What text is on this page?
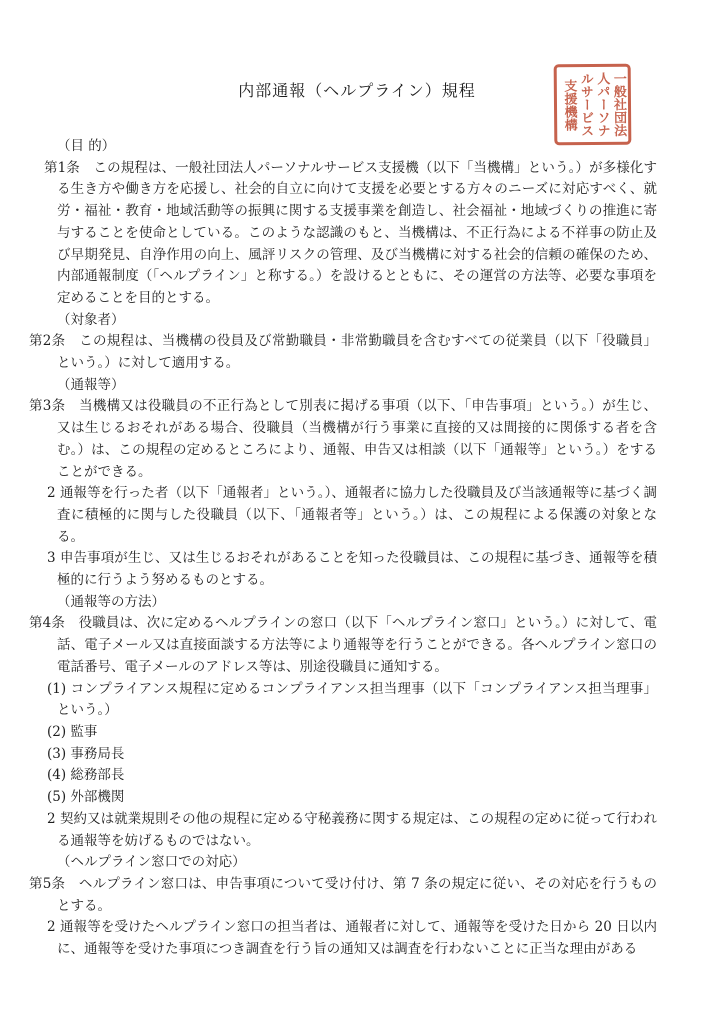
内部通報（ヘルプライン）規程	一般社団法人パーソナルサービス支援機構

（目 的）

第1条　この規程は、一般社団法人パーソナルサービス支援機（以下「当機構」という。）が多様化する生き方や働き方を応援し、社会的自立に向けて支援を必要とする方々のニーズに対応すべく、就労・福祉・教育・地域活動等の振興に関する支援事業を創造し、社会福祉・地域づくりの推進に寄与することを使命としている。このような認識のもと、当機構は、不正行為による不祥事の防止及び早期発見、自浄作用の向上、風評リスクの管理、及び当機構に対する社会的信頼の確保のため、内部通報制度（「ヘルプライン」と称する。）を設けるとともに、その運営の方法等、必要な事項を定めることを目的とする。

（対象者）

第2条　この規程は、当機構の役員及び常勤職員・非常勤職員を含むすべての従業員（以下「役職員」という。）に対して適用する。

（通報等）

第3条　当機構又は役職員の不正行為として別表に掲げる事項（以下、「申告事項」という。）が生じ、又は生じるおそれがある場合、役職員（当機構が行う事業に直接的又は間接的に関係する者を含む。）は、この規程の定めるところにより、通報、申告又は相談（以下「通報等」という。）をすることができる。

2 通報等を行った者（以下「通報者」という。）、通報者に協力した役職員及び当該通報等に基づく調査に積極的に関与した役職員（以下、「通報者等」という。）は、この規程による保護の対象となる。

3 申告事項が生じ、又は生じるおそれがあることを知った役職員は、この規程に基づき、通報等を積極的に行うよう努めるものとする。

（通報等の方法）

第4条　役職員は、次に定めるヘルプラインの窓口（以下「ヘルプライン窓口」という。）に対して、電話、電子メール又は直接面談する方法等により通報等を行うことができる。各ヘルプライン窓口の電話番号、電子メールのアドレス等は、別途役職員に通知する。

(1) コンプライアンス規程に定めるコンプライアンス担当理事（以下「コンプライアンス担当理事」という。）

(2) 監事

(3) 事務局長

(4) 総務部長

(5) 外部機関

2 契約又は就業規則その他の規程に定める守秘義務に関する規定は、この規程の定めに従って行われる通報等を妨げるものではない。

（ヘルプライン窓口での対応）

第5条　ヘルプライン窓口は、申告事項について受け付け、第 7 条の規定に従い、その対応を行うものとする。

2 通報等を受けたヘルプライン窓口の担当者は、通報者に対して、通報等を受けた日から 20 日以内に、通報等を受けた事項につき調査を行う旨の通知又は調査を行わないことに正当な理由がある
